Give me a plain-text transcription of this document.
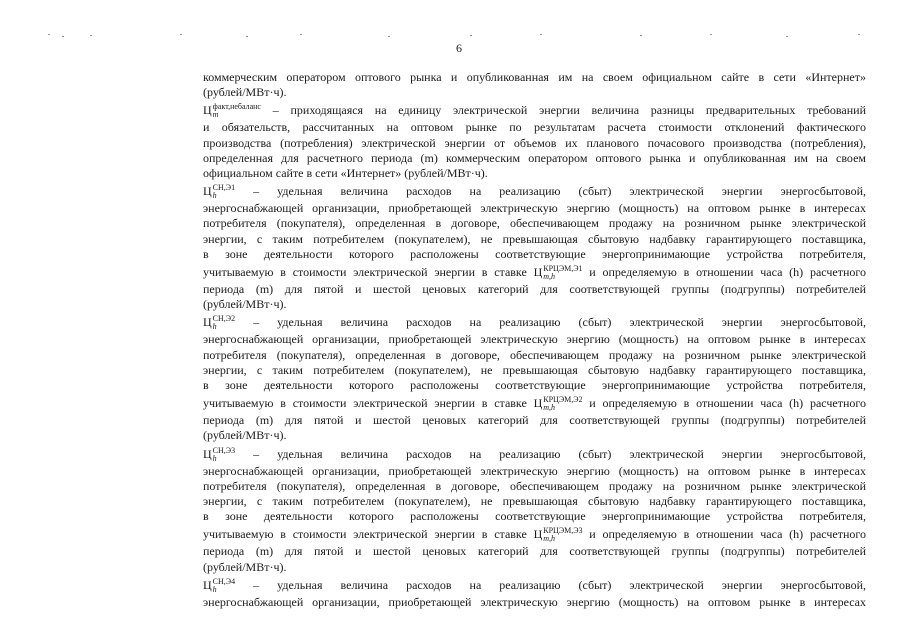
6

коммерческим оператором оптового рынка и опубликованная им на своем официальном сайте в сети «Интернет»
(рублей/МВт·ч).

Ц факт,небаланс
m	– приходящаяся на единицу электрической энергии величина разницы предварительных требований
и обязательств, рассчитанных на оптовом рынке по результатам расчета стоимости отклонений фактического
производства (потребления) электрической энергии от объемов их планового почасового производства (потребления),
определенная для расчетного периода (m) коммерческим оператором оптового рынка и опубликованная им на своем
официальном сайте в сети «Интернет» (рублей/МВт·ч).

Ц СН,Э1
h	– удельная величина расходов на реализацию (сбыт) электрической энергии энергосбытовой,
энергоснабжающей организации, приобретающей электрическую энергию (мощность) на оптовом рынке в интересах
потребителя (покупателя), определенная в договоре, обеспечивающем продажу на розничном рынке электрической
энергии, с таким потребителем (покупателем), не превышающая сбытовую надбавку гарантирующего поставщика,
в зоне деятельности которого расположены соответствующие энергопринимающие устройства потребителя,
учитываемую в стоимости электрической энергии в ставке Ц КРЦЭМ,Э1
m,h	и определяемую в отношении часа (h) расчетного
периода (m) для пятой и шестой ценовых категорий для соответствующей группы (подгруппы) потребителей
(рублей/МВт·ч).

Ц СН,Э2
h	– удельная величина расходов на реализацию (сбыт) электрической энергии энергосбытовой,
энергоснабжающей организации, приобретающей электрическую энергию (мощность) на оптовом рынке в интересах
потребителя (покупателя), определенная в договоре, обеспечивающем продажу на розничном рынке электрической
энергии, с таким потребителем (покупателем), не превышающая сбытовую надбавку гарантирующего поставщика,
в зоне деятельности которого расположены соответствующие энергопринимающие устройства потребителя,
учитываемую в стоимости электрической энергии в ставке Ц КРЦЭМ,Э2
m,h	и определяемую в отношении часа (h) расчетного
периода (m) для пятой и шестой ценовых категорий для соответствующей группы (подгруппы) потребителей
(рублей/МВт·ч).

Ц СН,Э3
h	– удельная величина расходов на реализацию (сбыт) электрической энергии энергосбытовой,
энергоснабжающей организации, приобретающей электрическую энергию (мощность) на оптовом рынке в интересах
потребителя (покупателя), определенная в договоре, обеспечивающем продажу на розничном рынке электрической
энергии, с таким потребителем (покупателем), не превышающая сбытовую надбавку гарантирующего поставщика,
в зоне деятельности которого расположены соответствующие энергопринимающие устройства потребителя,
учитываемую в стоимости электрической энергии в ставке Ц КРЦЭМ,Э3
m,h	и определяемую в отношении часа (h) расчетного
периода (m) для пятой и шестой ценовых категорий для соответствующей группы (подгруппы) потребителей
(рублей/МВт·ч).

Ц СН,Э4
h	– удельная величина расходов на реализацию (сбыт) электрической энергии энергосбытовой,
энергоснабжающей организации, приобретающей электрическую энергию (мощность) на оптовом рынке в интересах
